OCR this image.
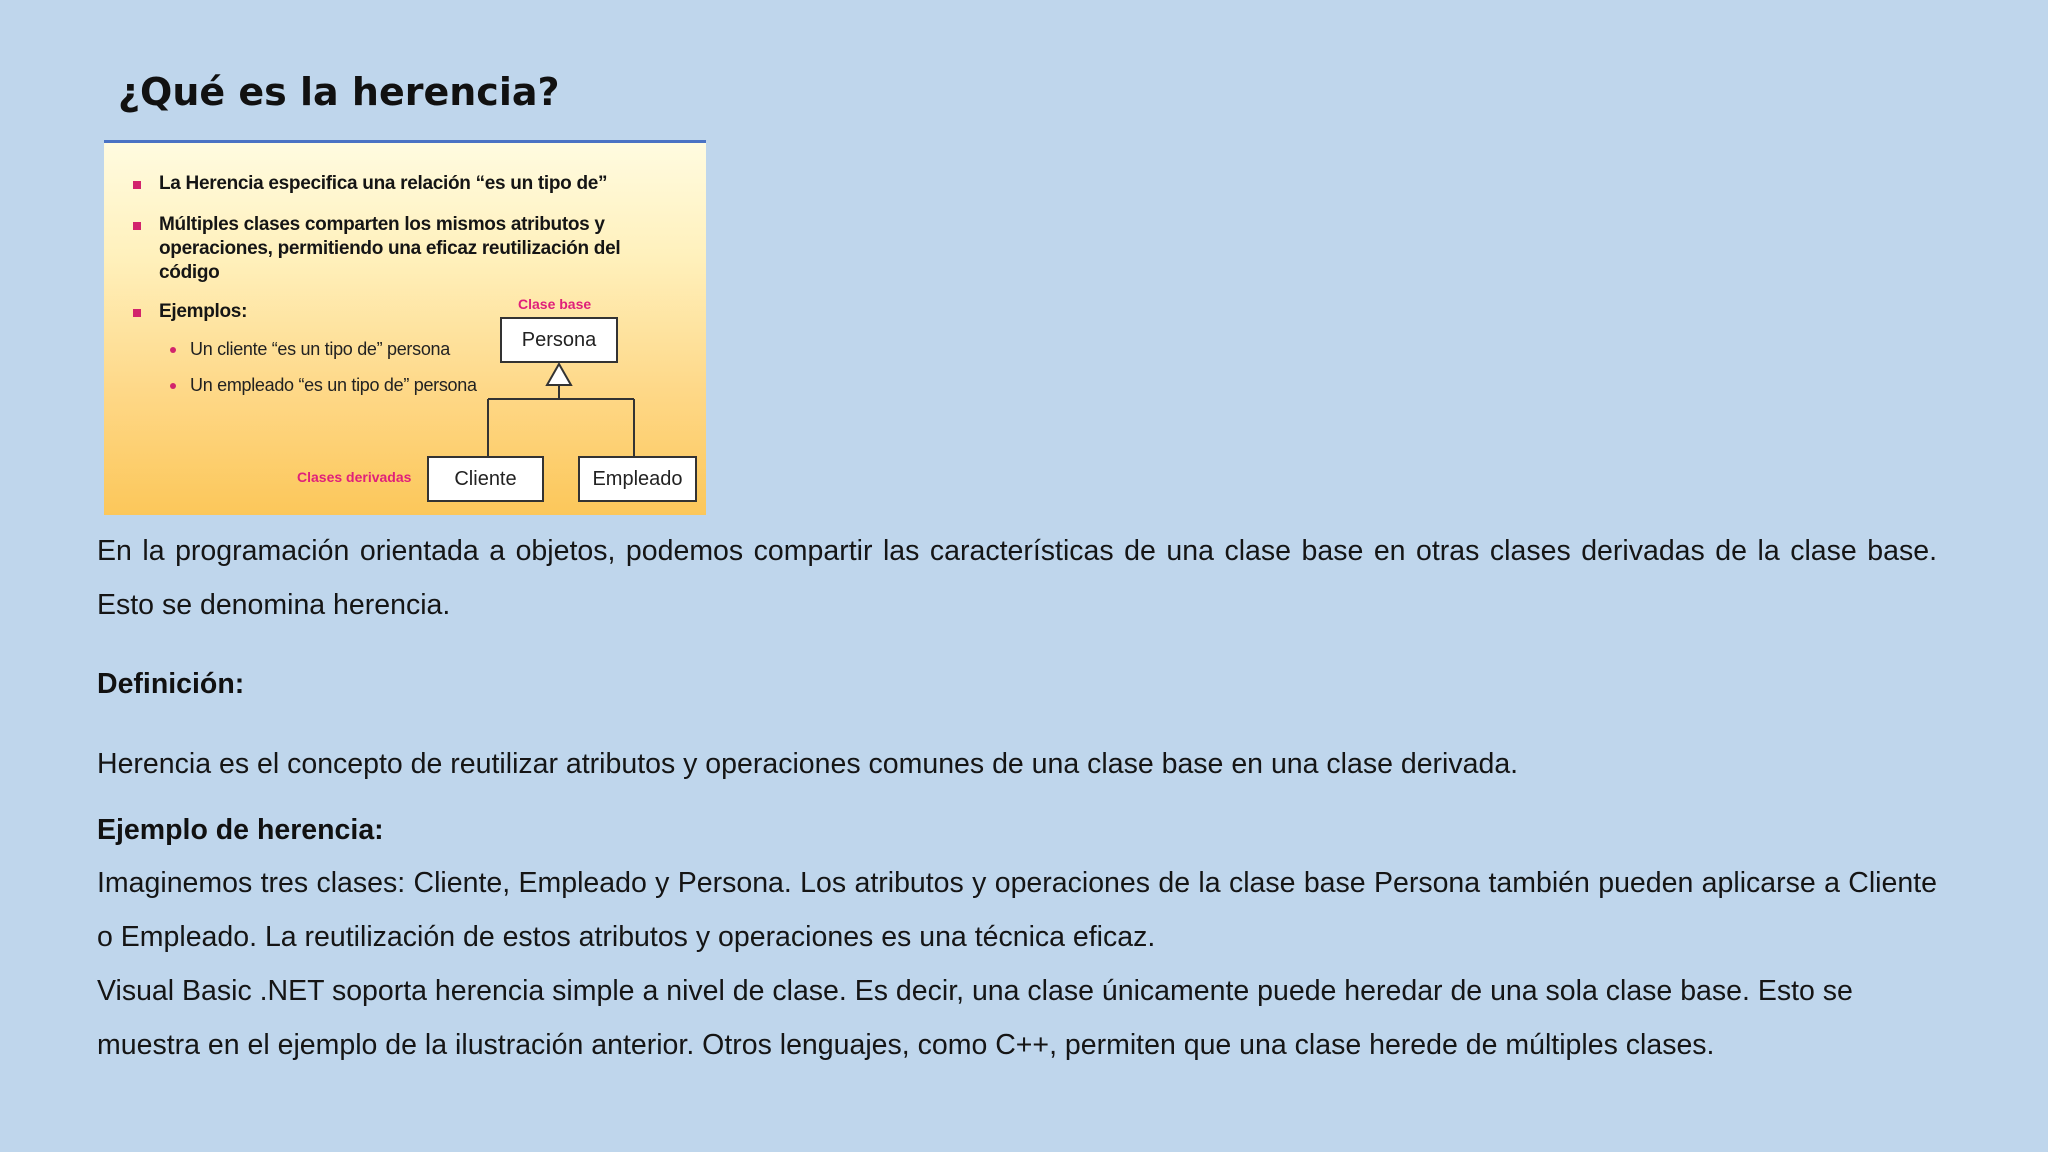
¿Qué es la herencia?
La Herencia especifica una relación “es un tipo de”
Múltiples clases comparten los mismos atributos y
operaciones, permitiendo una eficaz reutilización del
código
Ejemplos:
Un cliente “es un tipo de” persona
Un empleado “es un tipo de” persona
Clase base
Persona
Clases derivadas	Cliente	Empleado

En la programación orientada a objetos, podemos compartir las características de una clase base en otras clases derivadas de la clase base. Esto se denomina herencia.

Definición:

Herencia es el concepto de reutilizar atributos y operaciones comunes de una clase base en una clase derivada.

Ejemplo de herencia:

Imaginemos tres clases: Cliente, Empleado y Persona. Los atributos y operaciones de la clase base Persona también pueden aplicarse a Cliente o Empleado. La reutilización de estos atributos y operaciones es una técnica eficaz.

Visual Basic .NET soporta herencia simple a nivel de clase. Es decir, una clase únicamente puede heredar de una sola clase base. Esto se

muestra en el ejemplo de la ilustración anterior. Otros lenguajes, como C++, permiten que una clase herede de múltiples clases.
